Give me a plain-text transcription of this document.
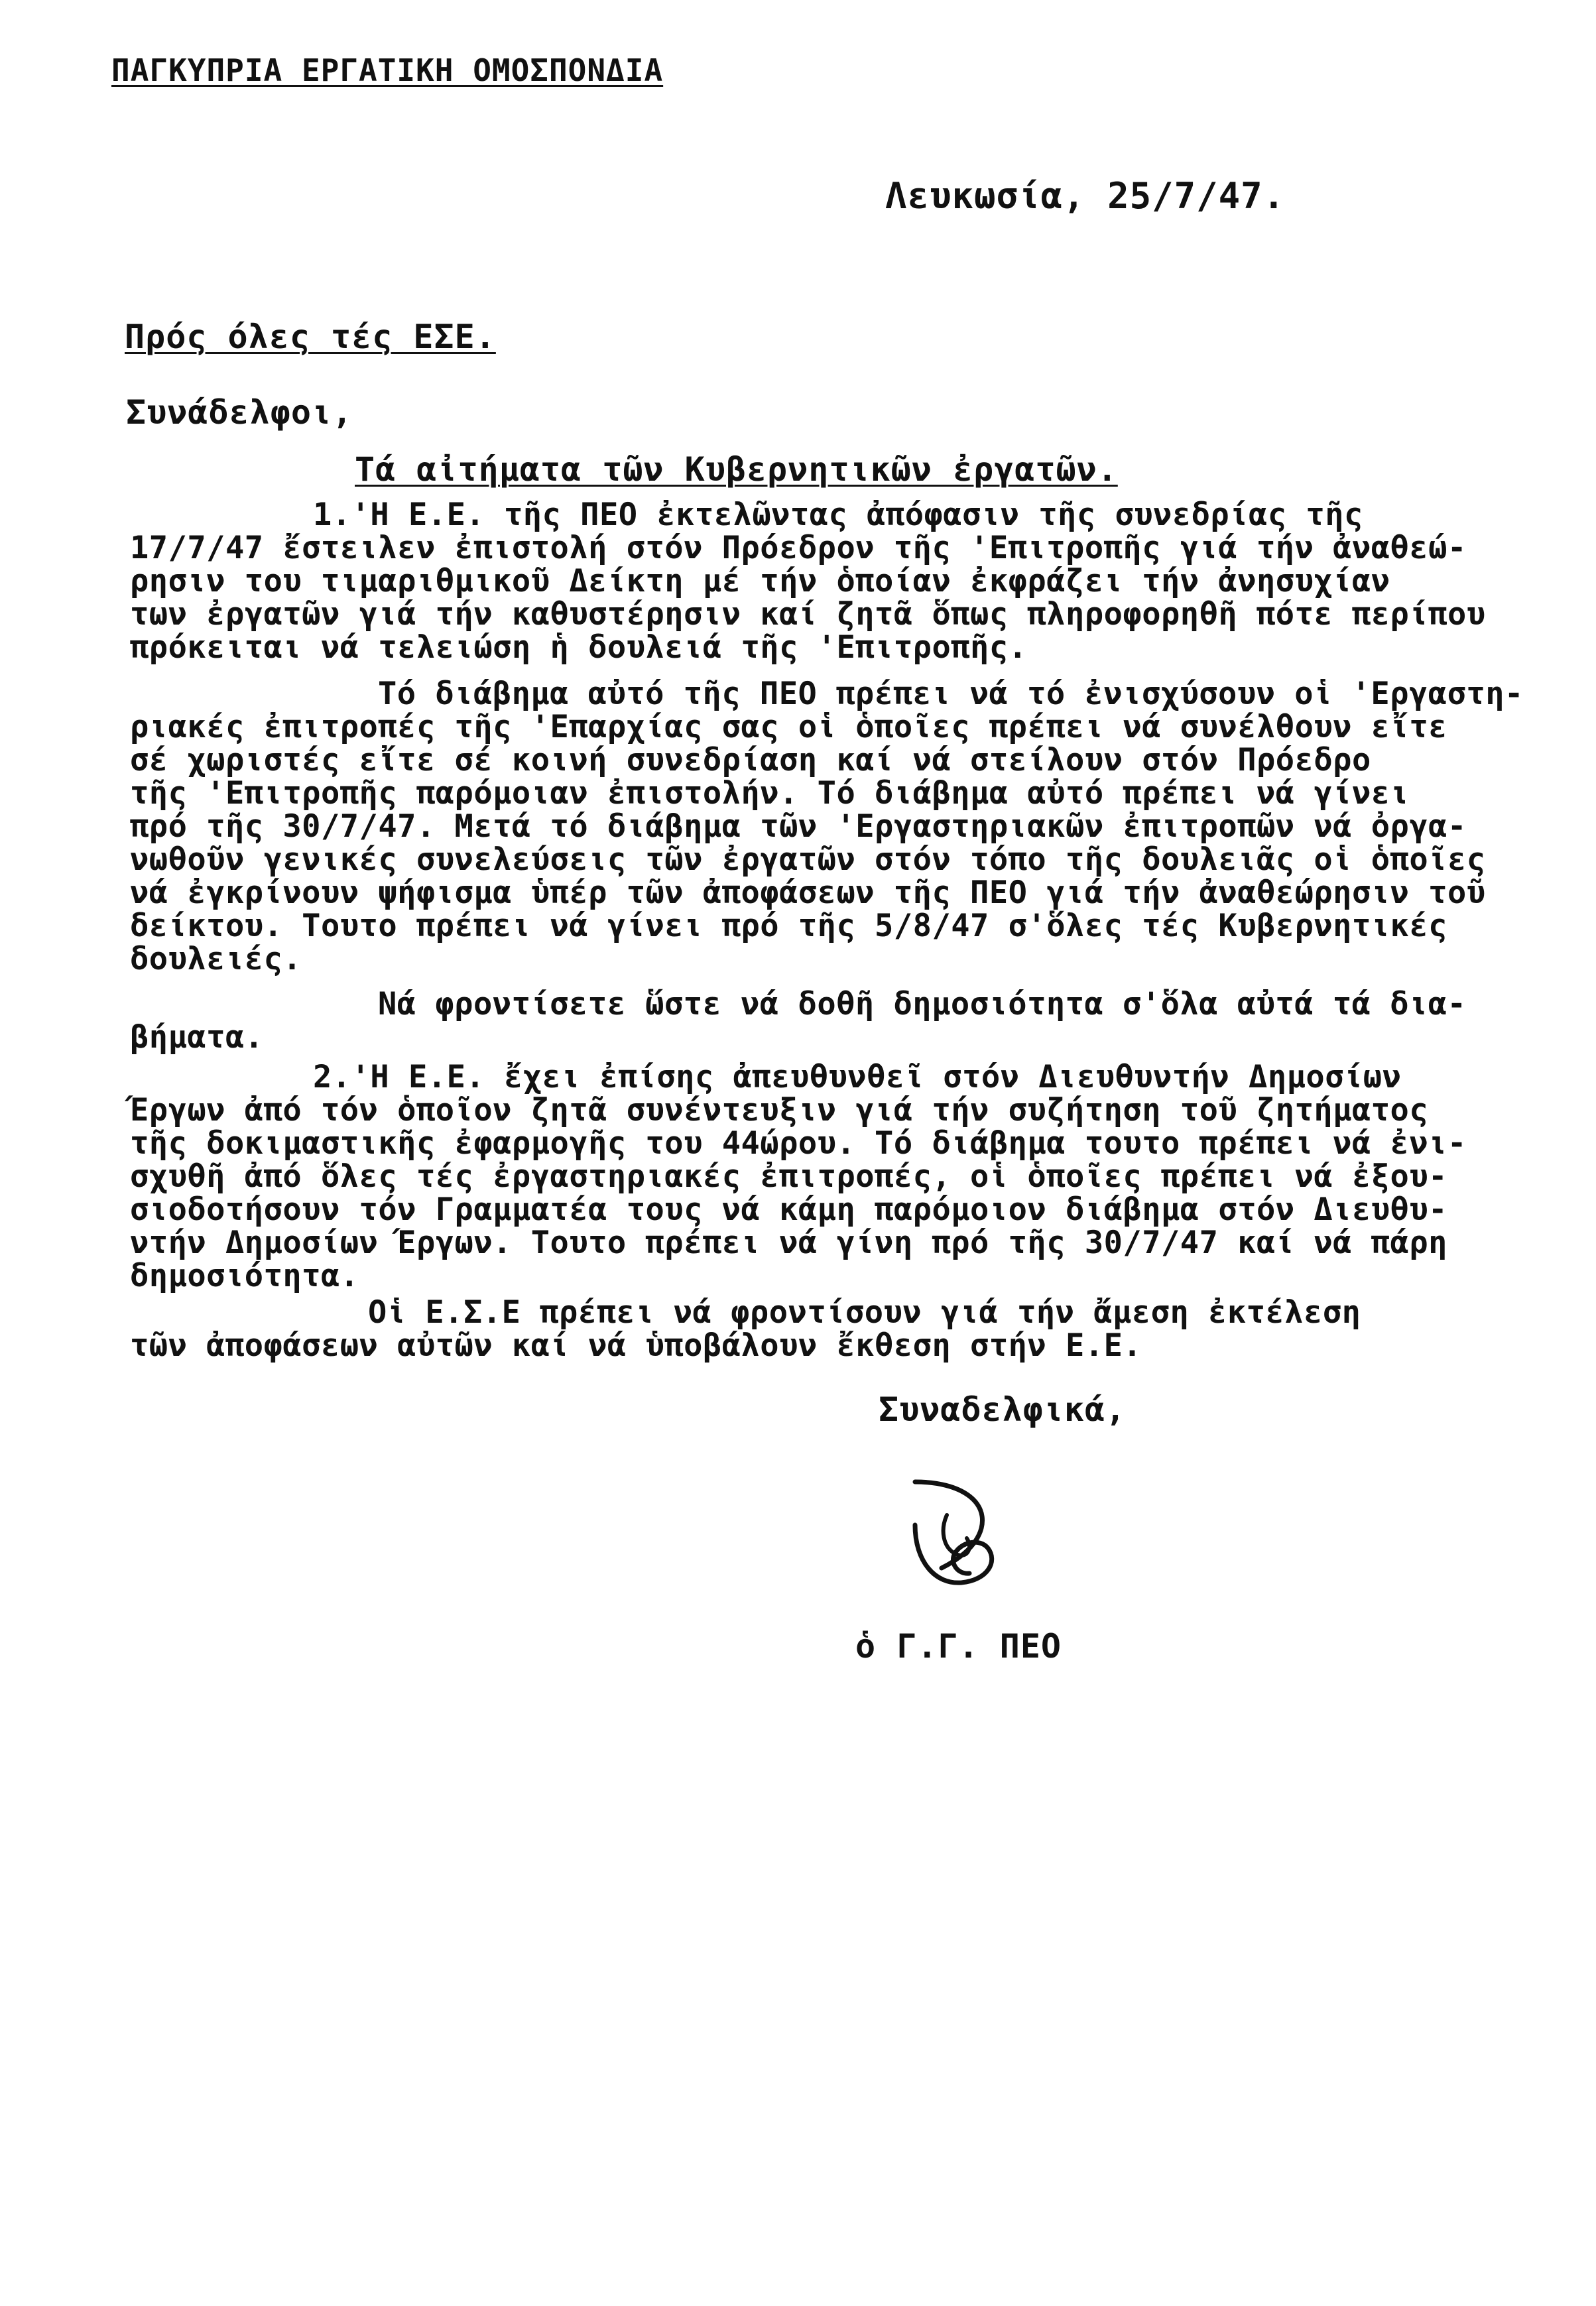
ΠΑΓΚΥΠΡΙΑ ΕΡΓΑΤΙΚΗ ΟΜΟΣΠΟΝΔΙΑ
Λευκωσία, 25/7/47.
Πρός όλες τές ΕΣΕ.
Συνάδελφοι,
Τά αἰτήματα τῶν Κυβερνητικῶν ἐργατῶν.
1.'Η Ε.Ε. τῆς ΠΕΟ ἐκτελῶντας ἀπόφασιν τῆς συνεδρίας τῆς
17/7/47 ἔστειλεν ἐπιστολή στόν Πρόεδρον τῆς 'Επιτροπῆς γιά τήν ἀναθεώ-
ρησιν του τιμαριθμικοῦ Δείκτη μέ τήν ὁποίαν ἐκφράζει τήν ἀνησυχίαν
των ἐργατῶν γιά τήν καθυστέρησιν καί ζητᾶ ὅπως πληροφορηθῆ πότε περίπου
πρόκειται νά τελειώση ἡ δουλειά τῆς 'Επιτροπῆς.
Τό διάβημα αὐτό τῆς ΠΕΟ πρέπει νά τό ἐνισχύσουν οἱ 'Εργαστη-
ριακές ἐπιτροπές τῆς 'Επαρχίας σας οἱ ὁποῖες πρέπει νά συνέλθουν εἴτε
σέ χωριστές εἴτε σέ κοινή συνεδρίαση καί νά στείλουν στόν Πρόεδρο
τῆς 'Επιτροπῆς παρόμοιαν ἐπιστολήν. Τό διάβημα αὐτό πρέπει νά γίνει
πρό τῆς 30/7/47. Μετά τό διάβημα τῶν 'Εργαστηριακῶν ἐπιτροπῶν νά ὀργα-
νωθοῦν γενικές συνελεύσεις τῶν ἐργατῶν στόν τόπο τῆς δουλειᾶς οἱ ὁποῖες
νά ἐγκρίνουν ψήφισμα ὑπέρ τῶν ἀποφάσεων τῆς ΠΕΟ γιά τήν ἀναθεώρησιν τοῦ
δείκτου. Τουτο πρέπει νά γίνει πρό τῆς 5/8/47 σ'ὅλες τές Κυβερνητικές
δουλειές.
Νά φροντίσετε ὥστε νά δοθῆ δημοσιότητα σ'ὅλα αὐτά τά δια-
βήματα.
2.'Η Ε.Ε. ἔχει ἐπίσης ἀπευθυνθεῖ στόν Διευθυντήν Δημοσίων
Έργων ἀπό τόν ὁποῖον ζητᾶ συνέντευξιν γιά τήν συζήτηση τοῦ ζητήματος
τῆς δοκιμαστικῆς ἐφαρμογῆς του 44ώρου. Τό διάβημα τουτο πρέπει νά ἐνι-
σχυθῆ ἀπό ὅλες τές ἐργαστηριακές ἐπιτροπές, οἱ ὁποῖες πρέπει νά ἐξου-
σιοδοτήσουν τόν Γραμματέα τους νά κάμη παρόμοιον διάβημα στόν Διευθυ-
ντήν Δημοσίων Έργων. Τουτο πρέπει νά γίνη πρό τῆς 30/7/47 καί νά πάρη
δημοσιότητα.
Οἱ Ε.Σ.Ε πρέπει νά φροντίσουν γιά τήν ἄμεση ἐκτέλεση
τῶν ἀποφάσεων αὐτῶν καί νά ὑποβάλουν ἔκθεση στήν Ε.Ε.
Συναδελφικά,
ὁ Γ.Γ. ΠΕΟ
